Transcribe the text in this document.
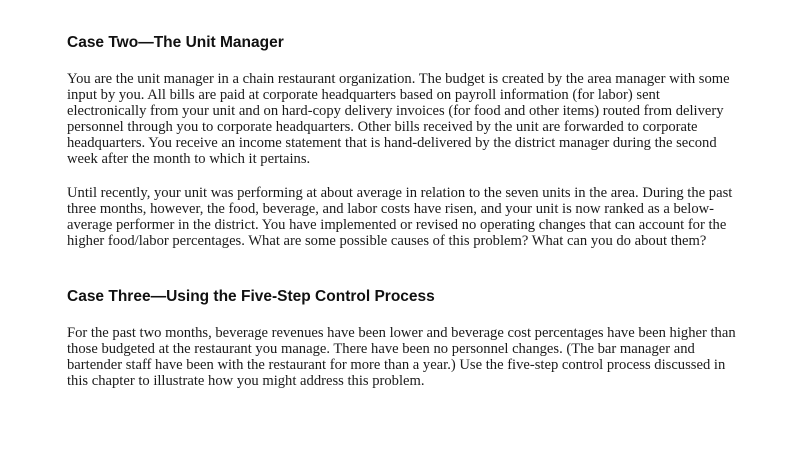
Case Two—The Unit Manager

You are the unit manager in a chain restaurant organization. The budget is created by the area manager with some input by you. All bills are paid at corporate headquarters based on payroll information (for labor) sent electronically from your unit and on hard-copy delivery invoices (for food and other items) routed from delivery personnel through you to corporate headquarters. Other bills received by the unit are forwarded to corporate headquarters. You receive an income statement that is hand-delivered by the district manager during the second week after the month to which it pertains.

Until recently, your unit was performing at about average in relation to the seven units in the area. During the past three months, however, the food, beverage, and labor costs have risen, and your unit is now ranked as a below-average performer in the district. You have implemented or revised no operating changes that can account for the higher food/labor percentages. What are some possible causes of this problem? What can you do about them?

Case Three—Using the Five-Step Control Process

For the past two months, beverage revenues have been lower and beverage cost percentages have been higher than those budgeted at the restaurant you manage. There have been no personnel changes. (The bar manager and bartender staff have been with the restaurant for more than a year.) Use the five-step control process discussed in this chapter to illustrate how you might address this problem.
